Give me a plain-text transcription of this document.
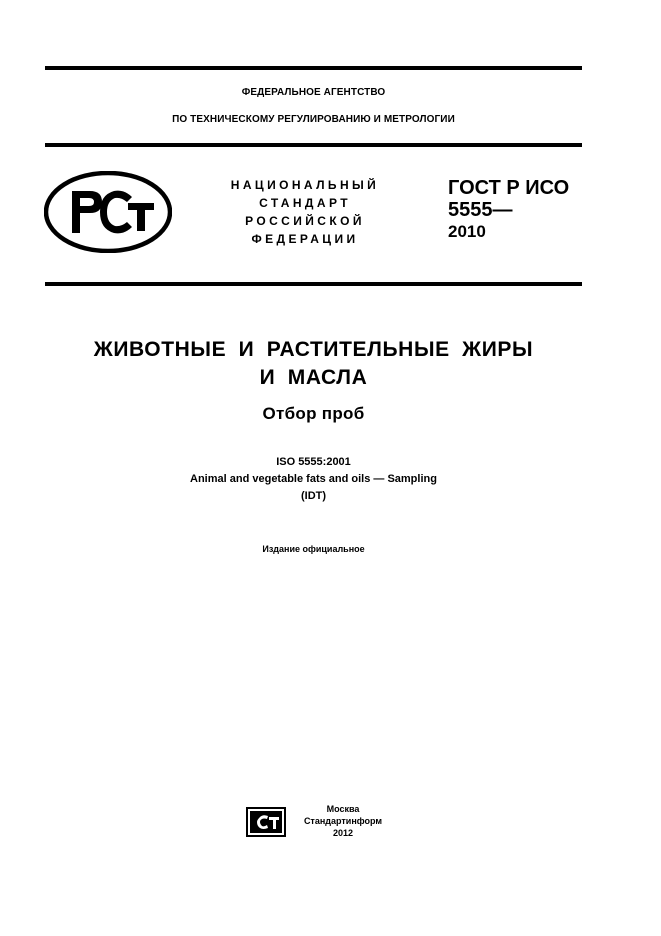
ФЕДЕРАЛЬНОЕ АГЕНТСТВО
ПО ТЕХНИЧЕСКОМУ РЕГУЛИРОВАНИЮ И МЕТРОЛОГИИ
НАЦИОНАЛЬНЫЙ
СТАНДАРТ
РОССИЙСКОЙ
ФЕДЕРАЦИИ
ГОСТ Р ИСО
5555—
2010
ЖИВОТНЫЕ И РАСТИТЕЛЬНЫЕ ЖИРЫ
И МАСЛА
Отбор проб
ISO 5555:2001
Animal and vegetable fats and oils — Sampling
(IDT)
Издание официальное
Москва
Стандартинформ
2012
